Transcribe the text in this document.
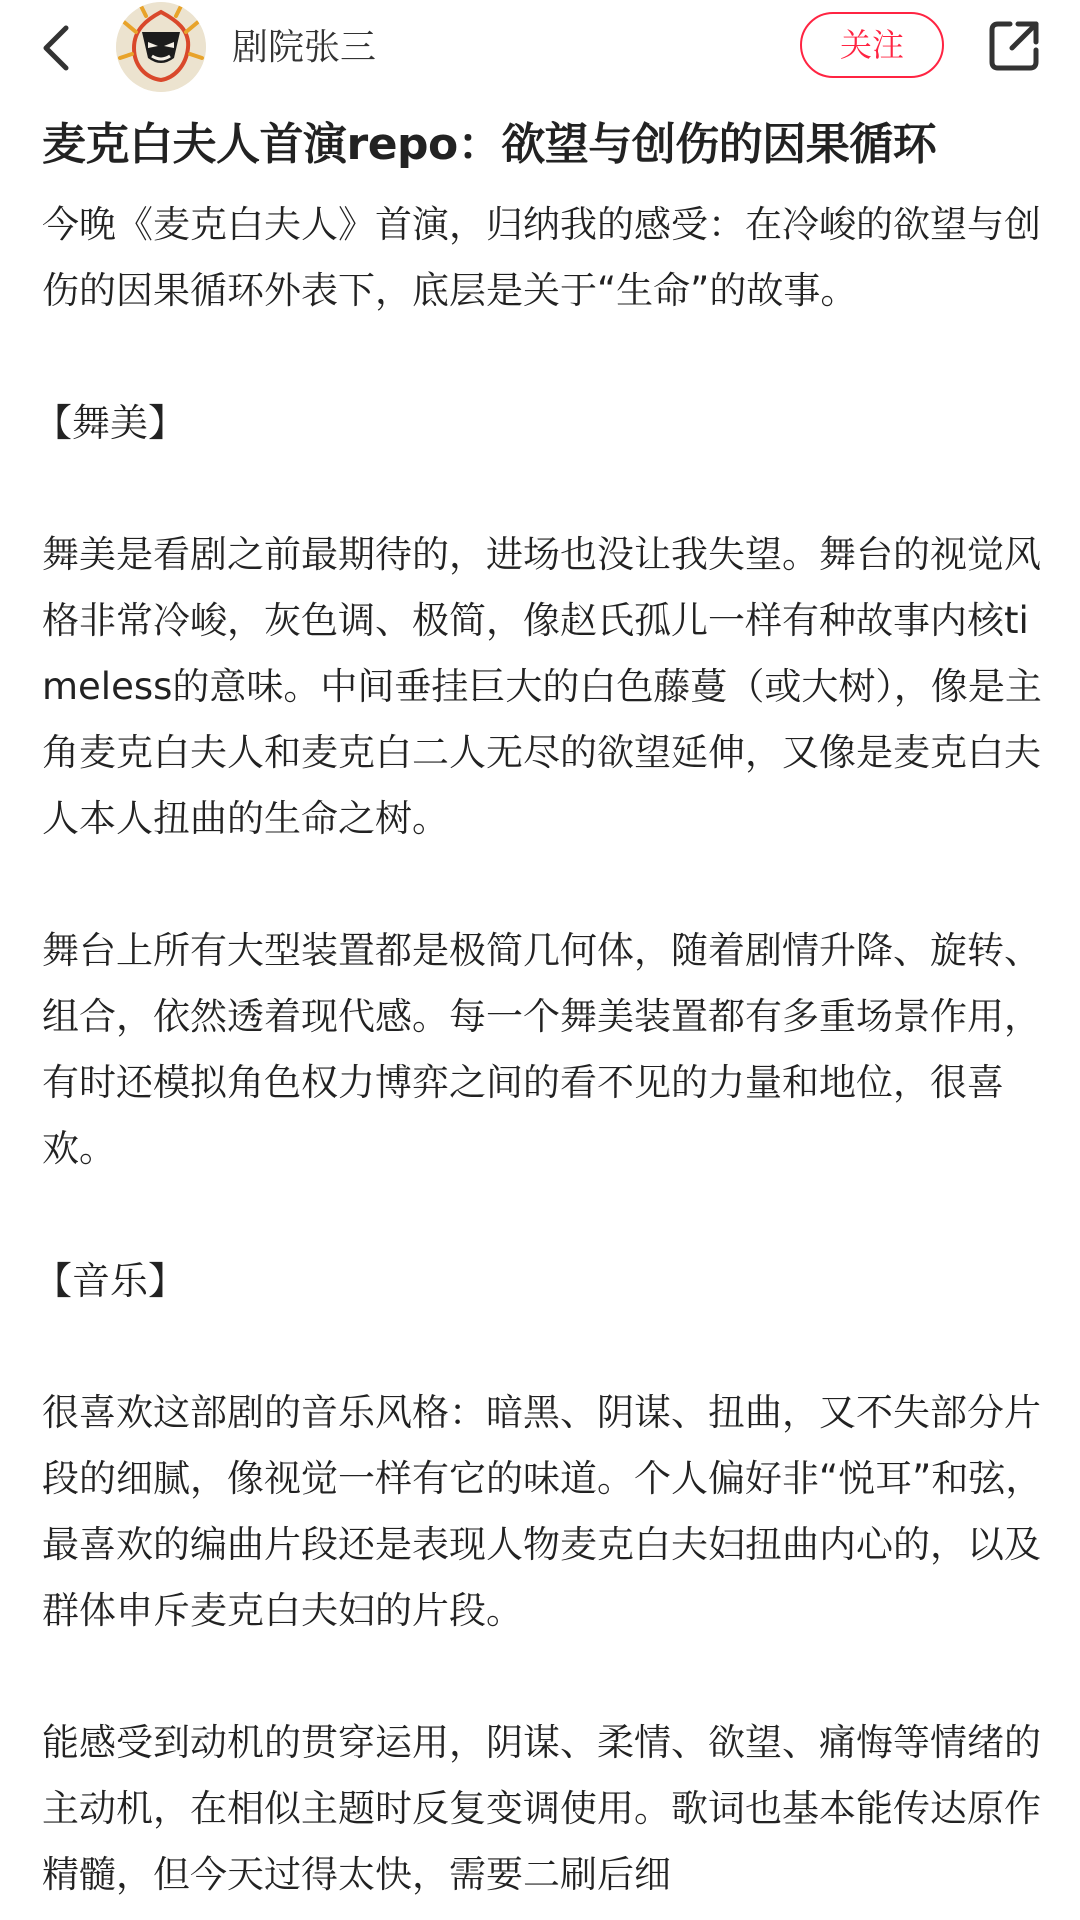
剧院张三	关注
麦克白夫人首演repo：欲望与创伤的因果循环

今晚《麦克白夫人》首演，归纳我的感受：在冷峻的欲望与创伤的因果循环外表下，底层是关于“生命”的故事。

【舞美】

舞美是看剧之前最期待的，进场也没让我失望。舞台的视觉风格非常冷峻，灰色调、极简，像赵氏孤儿一样有种故事内核timeless的意味。中间垂挂巨大的白色藤蔓（或大树），像是主角麦克白夫人和麦克白二人无尽的欲望延伸，又像是麦克白夫人本人扭曲的生命之树。

舞台上所有大型装置都是极简几何体，随着剧情升降、旋转、组合，依然透着现代感。每一个舞美装置都有多重场景作用，有时还模拟角色权力博弈之间的看不见的力量和地位，很喜欢。

【音乐】

很喜欢这部剧的音乐风格：暗黑、阴谋、扭曲，又不失部分片段的细腻，像视觉一样有它的味道。个人偏好非“悦耳”和弦，最喜欢的编曲片段还是表现人物麦克白夫妇扭曲内心的，以及群体申斥麦克白夫妇的片段。

能感受到动机的贯穿运用，阴谋、柔情、欲望、痛悔等情绪的主动机，在相似主题时反复变调使用。歌词也基本能传达原作精髓，但今天过得太快，需要二刷后细
